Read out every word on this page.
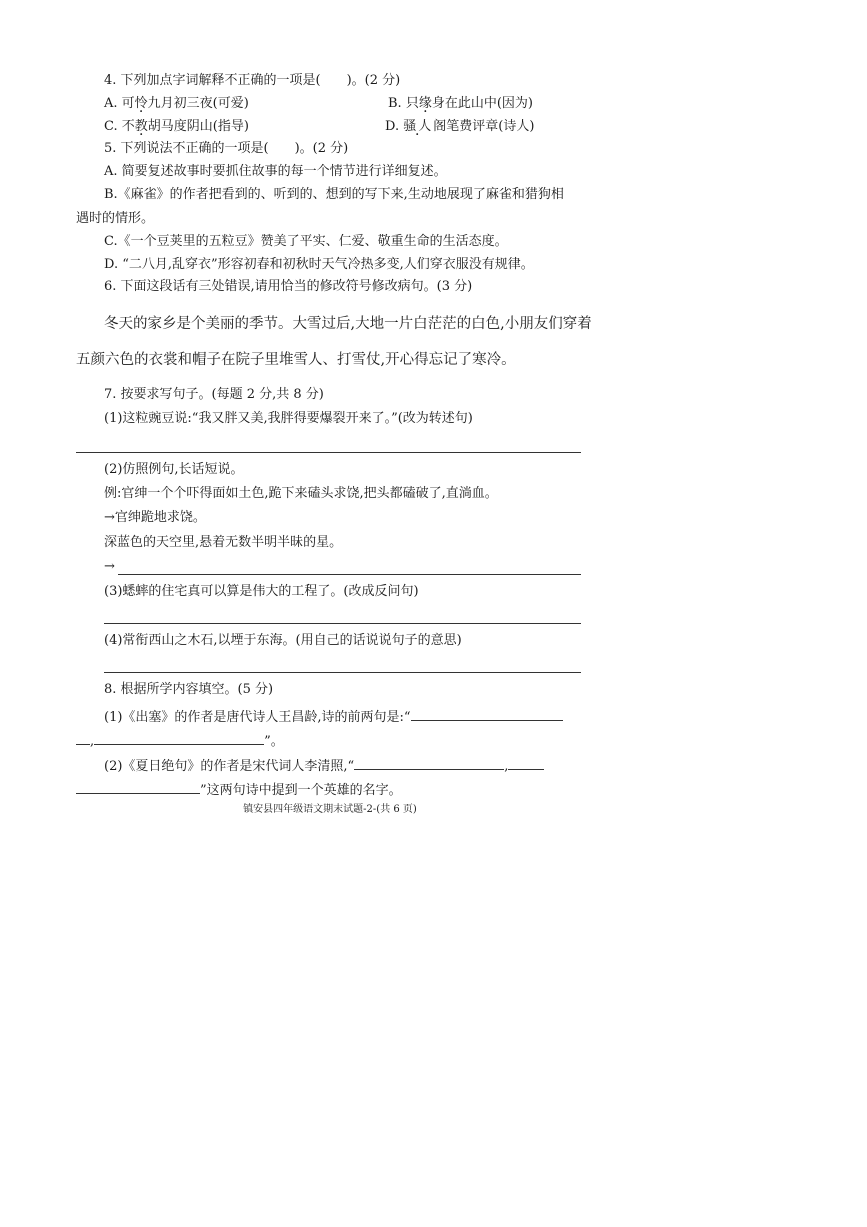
4. 下列加点字词解释不正确的一项是(　　)。(2 分)
A. 可怜九月初三夜(可爱)	B. 只缘身在此山中(因为)
C. 不教胡马度阴山(指导)	D. 骚人阁笔费评章(诗人)
5. 下列说法不正确的一项是(　　)。(2 分)
A. 简要复述故事时要抓住故事的每一个情节进行详细复述。
B.《麻雀》的作者把看到的、听到的、想到的写下来,生动地展现了麻雀和猎狗相
遇时的情形。
C.《一个豆荚里的五粒豆》赞美了平实、仁爱、敬重生命的生活态度。
D. “二八月,乱穿衣”形容初春和初秋时天气冷热多变,人们穿衣服没有规律。
6. 下面这段话有三处错误,请用恰当的修改符号修改病句。(3 分)
冬天的家乡是个美丽的季节。大雪过后,大地一片白茫茫的白色,小朋友们穿着
五颜六色的衣裳和帽子在院子里堆雪人、打雪仗,开心得忘记了寒冷。
7. 按要求写句子。(每题 2 分,共 8 分)
(1)这粒豌豆说:“我又胖又美,我胖得要爆裂开来了。”(改为转述句)
(2)仿照例句,长话短说。
例:官绅一个个吓得面如土色,跪下来磕头求饶,把头都磕破了,直淌血。
→官绅跪地求饶。
深蓝色的天空里,悬着无数半明半昧的星。
→
(3)蟋蟀的住宅真可以算是伟大的工程了。(改成反问句)
(4)常衔西山之木石,以堙于东海。(用自己的话说说句子的意思)
8. 根据所学内容填空。(5 分)
(1)《出塞》的作者是唐代诗人王昌龄,诗的前两句是:“
,	”。
(2)《夏日绝句》的作者是宋代词人李清照,“	,
”这两句诗中提到一个英雄的名字。
镇安县四年级语文期末试题-2-(共 6 页)
